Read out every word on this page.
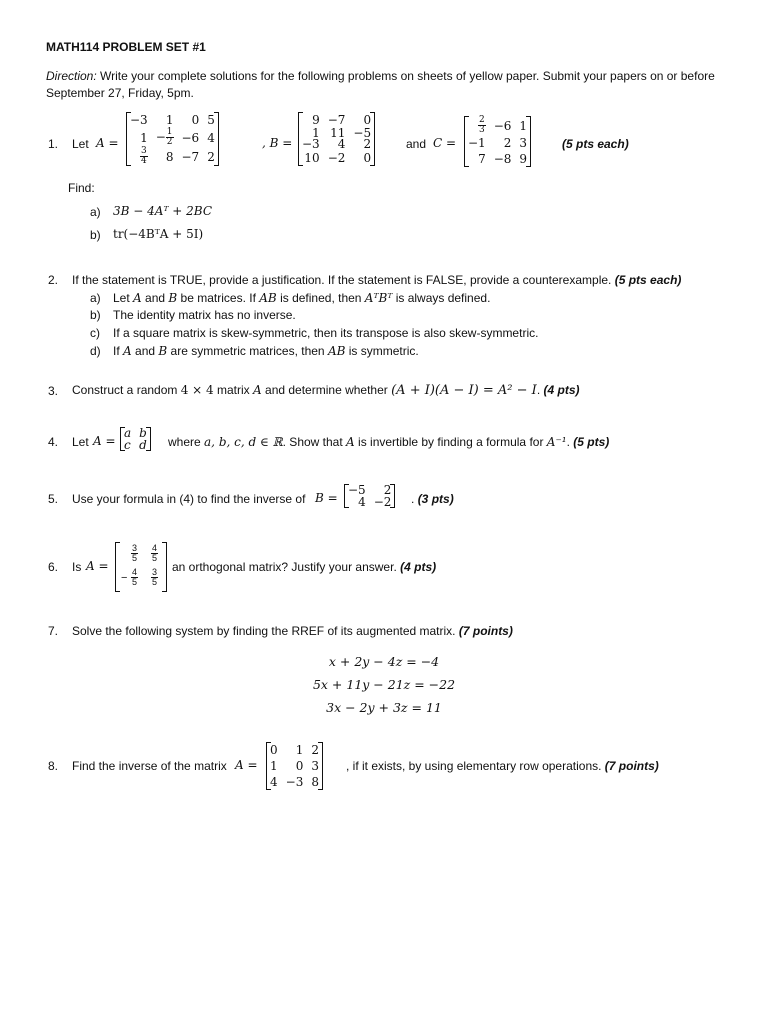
MATH114 PROBLEM SET #1
Direction: Write your complete solutions for the following problems on sheets of yellow paper. Submit your papers on or before September 27, Friday, 5pm.
1. Let A =
−3	1	0	5
1	− $\frac{1}{2}$	−6	4

$\frac{3}{4}$	8	−7	2
, B =
9	−7	0
1	11	−5
−3	4	2
10	−2	0
and C =
$\frac{2}{3}$	−6	1
−1	2	3
7	−8	9
(5 pts each)
Find:
a) 3B − 4Aᵀ + 2BC
b) tr(−4BᵀA + 5I)
2. If the statement is TRUE, provide a justification. If the statement is FALSE, provide a counterexample. (5 pts each)
a) Let A and B be matrices. If AB is defined, then AᵀBᵀ is always defined.
b) The identity matrix has no inverse.
c) If a square matrix is skew-symmetric, then its transpose is also skew-symmetric.
d) If A and B are symmetric matrices, then AB is symmetric.
3. Construct a random 4 × 4 matrix A and determine whether (A + I)(A − I) = A² − I. (4 pts)
4. Let A =
a	b
c	d where a, b, c, d ∈ ℝ. Show that A is invertible by finding a formula for A⁻¹. (5 pts)
5. Use your formula in (4) to find the inverse of B =
−5	2
4	−2 . (3 pts)
6. Is A =
$\frac{3}{5} \frac{4}{5}$
− $\frac{4}{5} \frac{3}{5}$
an orthogonal matrix? Justify your answer. (4 pts)
7. Solve the following system by finding the RREF of its augmented matrix. (7 points)
x + 2y − 4z = −4
5x + 11y − 21z = −22
3x − 2y + 3z = 11
8. Find the inverse of the matrix A =
0	1	2
1	0	3
4	−3	8
, if it exists, by using elementary row operations. (7 points)
